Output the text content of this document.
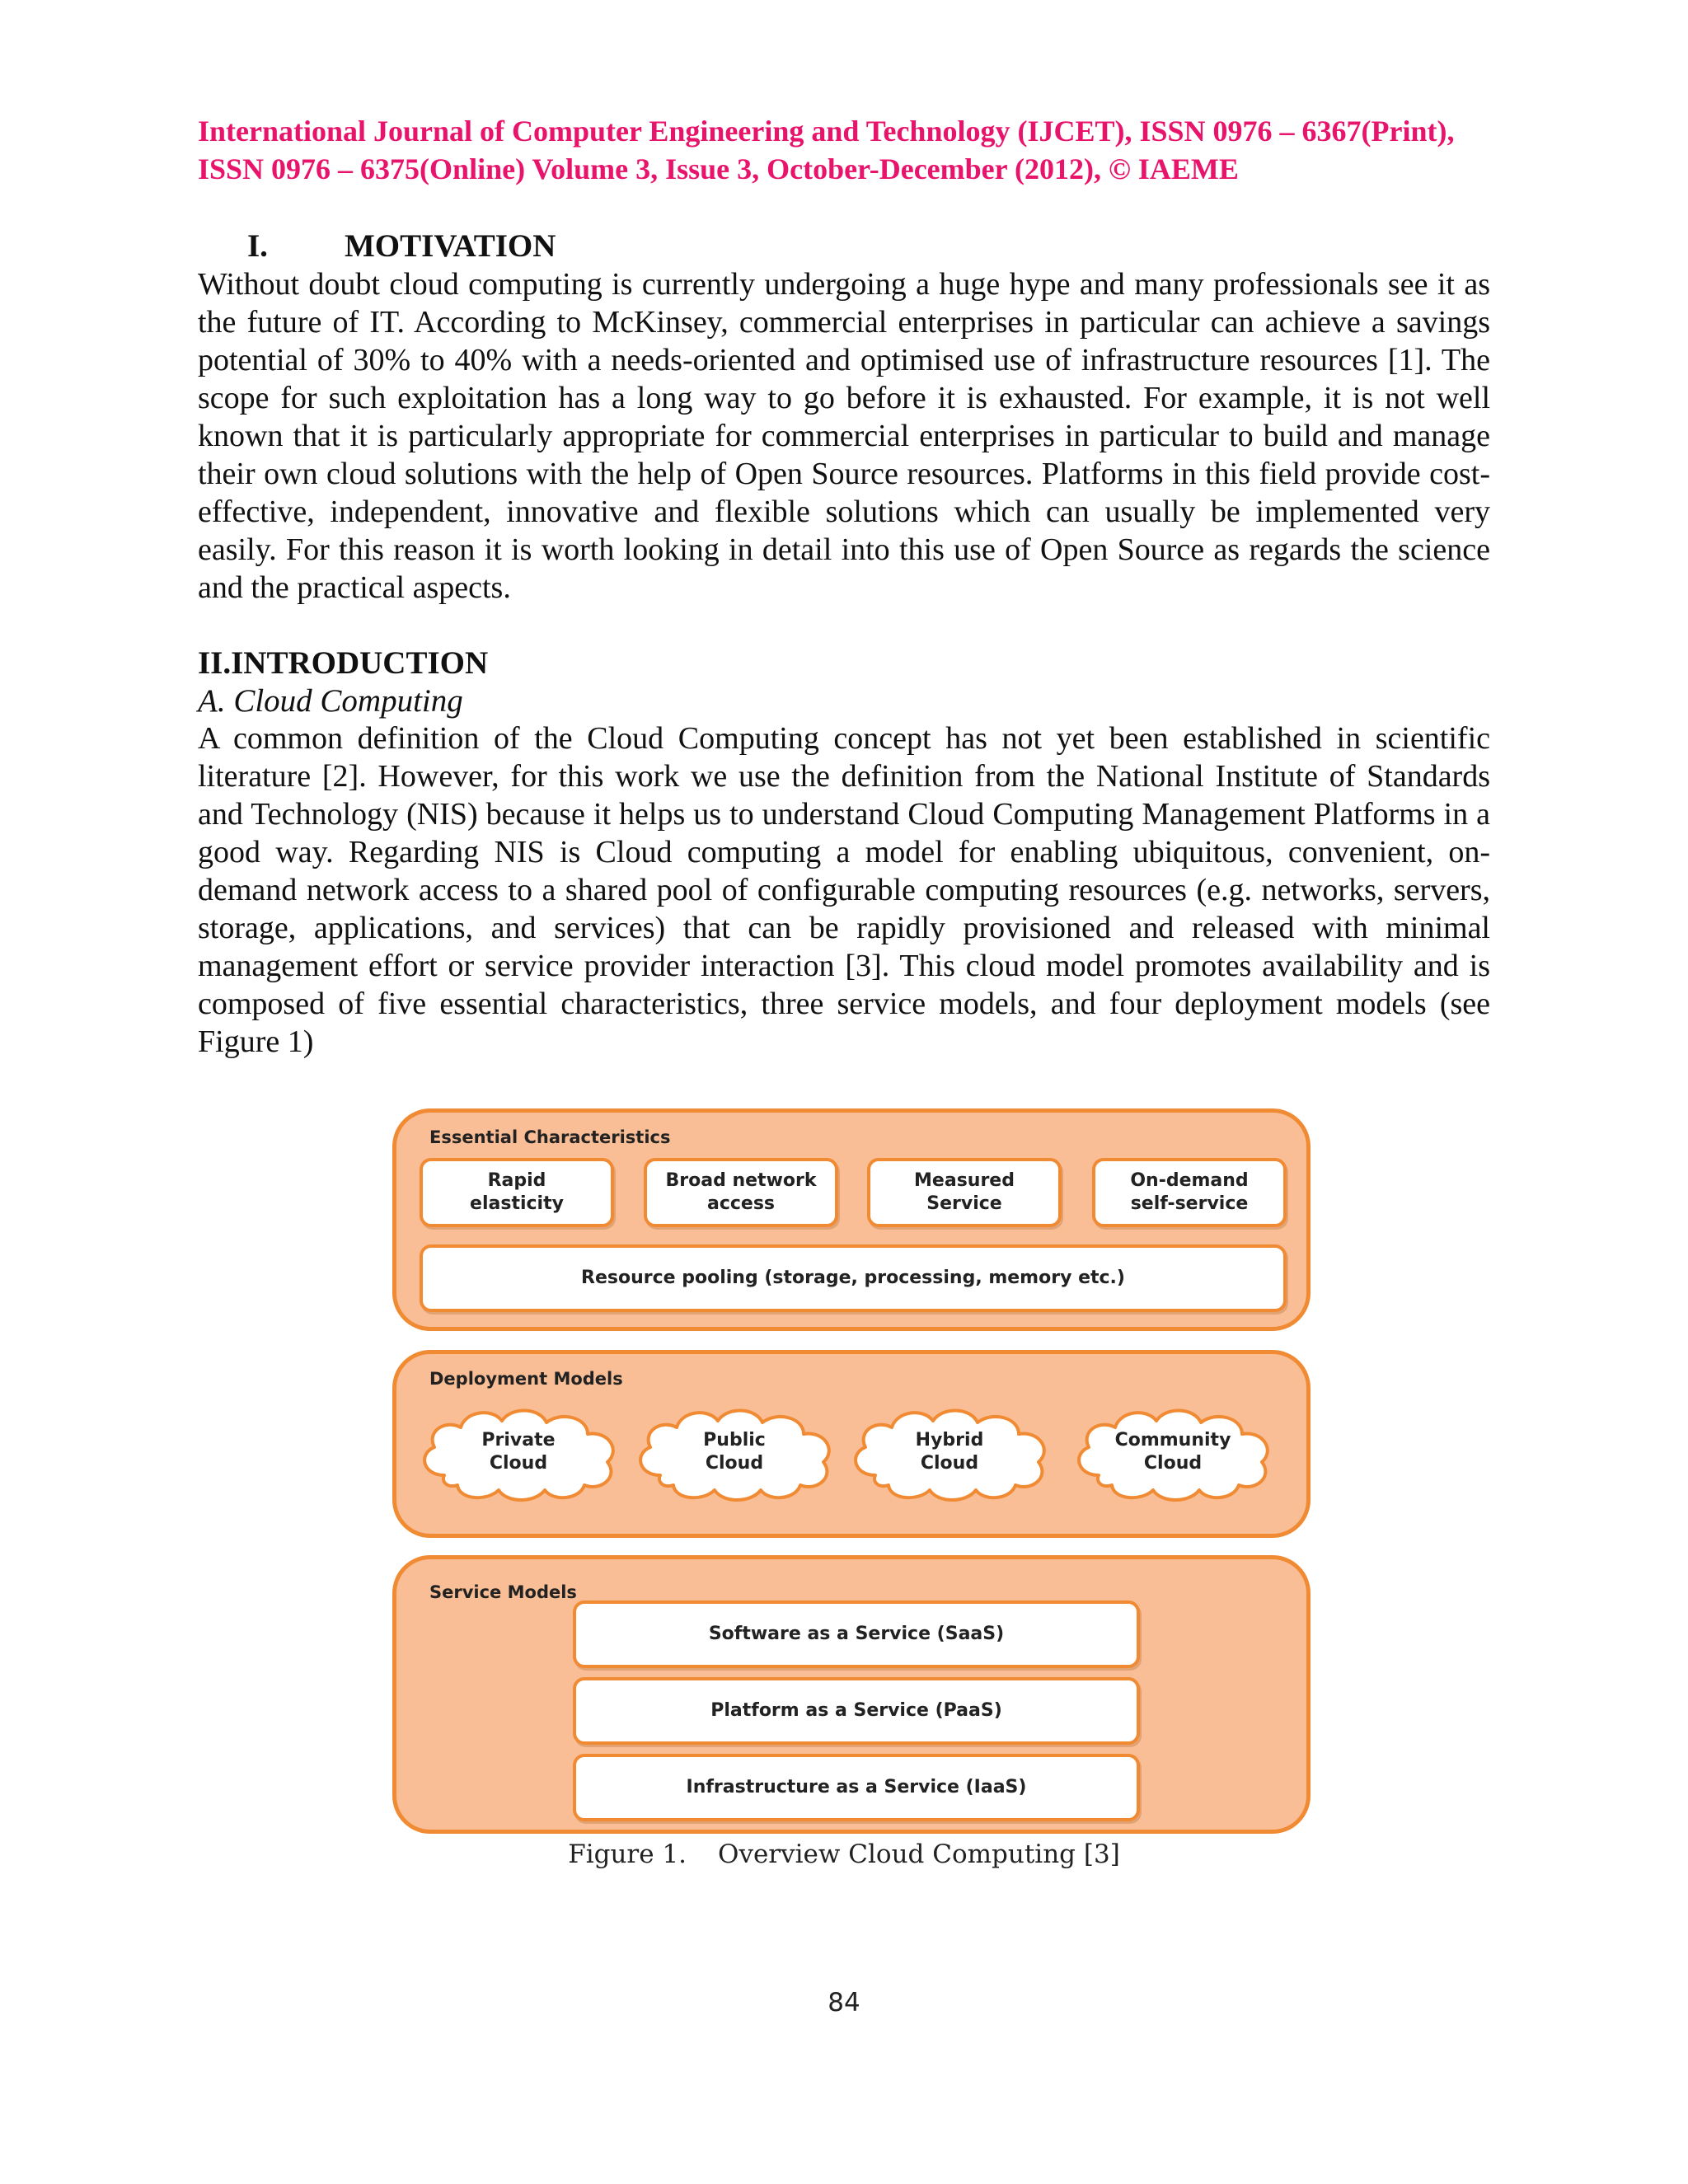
International Journal of Computer Engineering and Technology (IJCET), ISSN 0976 – 6367(Print), ISSN 0976 – 6375(Online) Volume 3, Issue 3, October-December (2012), © IAEME
I. MOTIVATION

Without doubt cloud computing is currently undergoing a huge hype and many professionals see it as the future of IT. According to McKinsey, commercial enterprises in particular can achieve a savings potential of 30% to 40% with a needs-oriented and optimised use of infrastructure resources [1]. The scope for such exploitation has a long way to go before it is exhausted. For example, it is not well known that it is particularly appropriate for commercial enterprises in particular to build and manage their own cloud solutions with the help of Open Source resources. Platforms in this field provide cost-effective, independent, innovative and flexible solutions which can usually be implemented very easily. For this reason it is worth looking in detail into this use of Open Source as regards the science and the practical aspects.

II.INTRODUCTION
A. Cloud Computing

A common definition of the Cloud Computing concept has not yet been established in scientific literature [2]. However, for this work we use the definition from the National Institute of Standards and Technology (NIS) because it helps us to understand Cloud Computing Management Platforms in a good way. Regarding NIS is Cloud computing a model for enabling ubiquitous, convenient, on-demand network access to a shared pool of configurable computing resources (e.g. networks, servers, storage, applications, and services) that can be rapidly provisioned and released with minimal management effort or service provider interaction [3]. This cloud model promotes availability and is composed of five essential characteristics, three service models, and four deployment models (see Figure 1)

Essential Characteristics
Rapid
elasticity
Broad network
access
Measured
Service
On-demand
self-service
Resource pooling (storage, processing, memory etc.)
Deployment Models
Private
Cloud
Public
Cloud
Hybrid
Cloud
Community
Cloud
Service Models
Software as a Service (SaaS)
Platform as a Service (PaaS)
Infrastructure as a Service (IaaS)
Figure 1. Overview Cloud Computing [3]
84
